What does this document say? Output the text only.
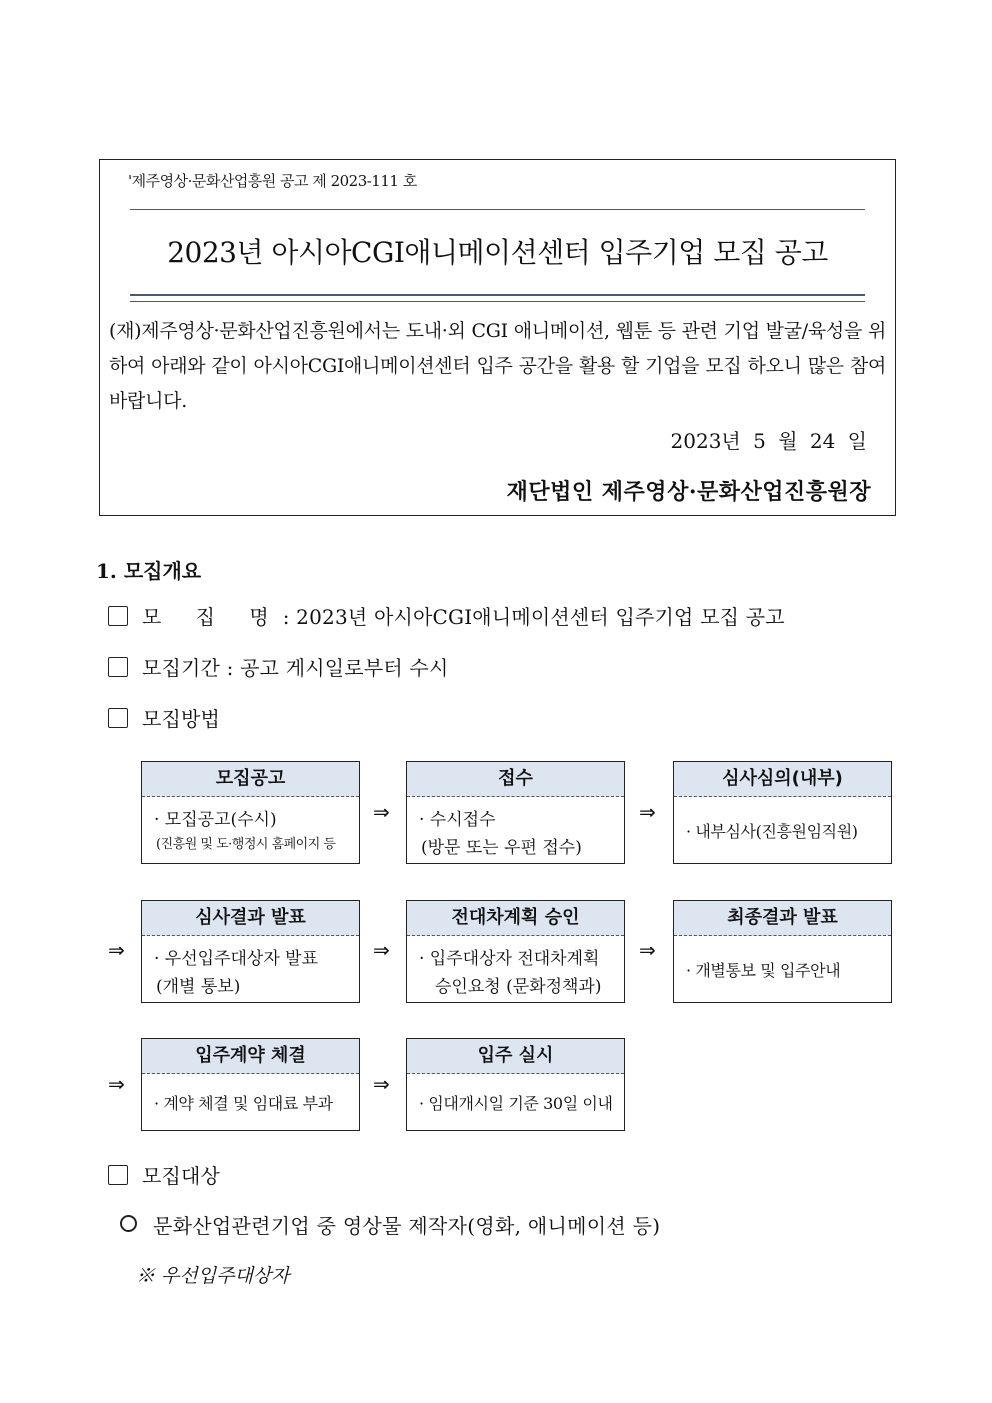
'제주영상·문화산업흥원 공고 제 2023-111 호
2023년 아시아CGI애니메이션센터 입주기업 모집 공고
(재)제주영상·문화산업진흥원에서는 도내·외 CGI 애니메이션, 웹툰 등 관련 기업 발굴/육성을 위하여 아래와 같이 아시아CGI애니메이션센터 입주 공간을 활용 할 기업을 모집 하오니 많은 참여 바랍니다.
2023년 5 월 24 일
재단법인 제주영상·문화산업진흥원장
1. 모집개요
모 집 명: 2023년 아시아CGI애니메이션센터 입주기업 모집 공고
모집기간 : 공고 게시일로부터 수시
모집방법
모집공고
· 모집공고(수시)
(진흥원 및 도·행정시 홈페이지 등
⇒
접수
· 수시접수
(방문 또는 우편 접수)
⇒
심사심의(내부)
· 내부심사(진흥원임직원)
⇒
심사결과 발표
· 우선입주대상자 발표
(개별 통보)
⇒
전대차계획 승인
· 입주대상자 전대차계획
승인요청 (문화정책과)
⇒
최종결과 발표
· 개별통보 및 입주안내
⇒
입주계약 체결
· 계약 체결 및 임대료 부과
⇒
입주 실시
· 임대개시일 기준 30일 이내
모집대상
문화산업관련기업 중 영상물 제작자(영화, 애니메이션 등)
※ 우선입주대상자
